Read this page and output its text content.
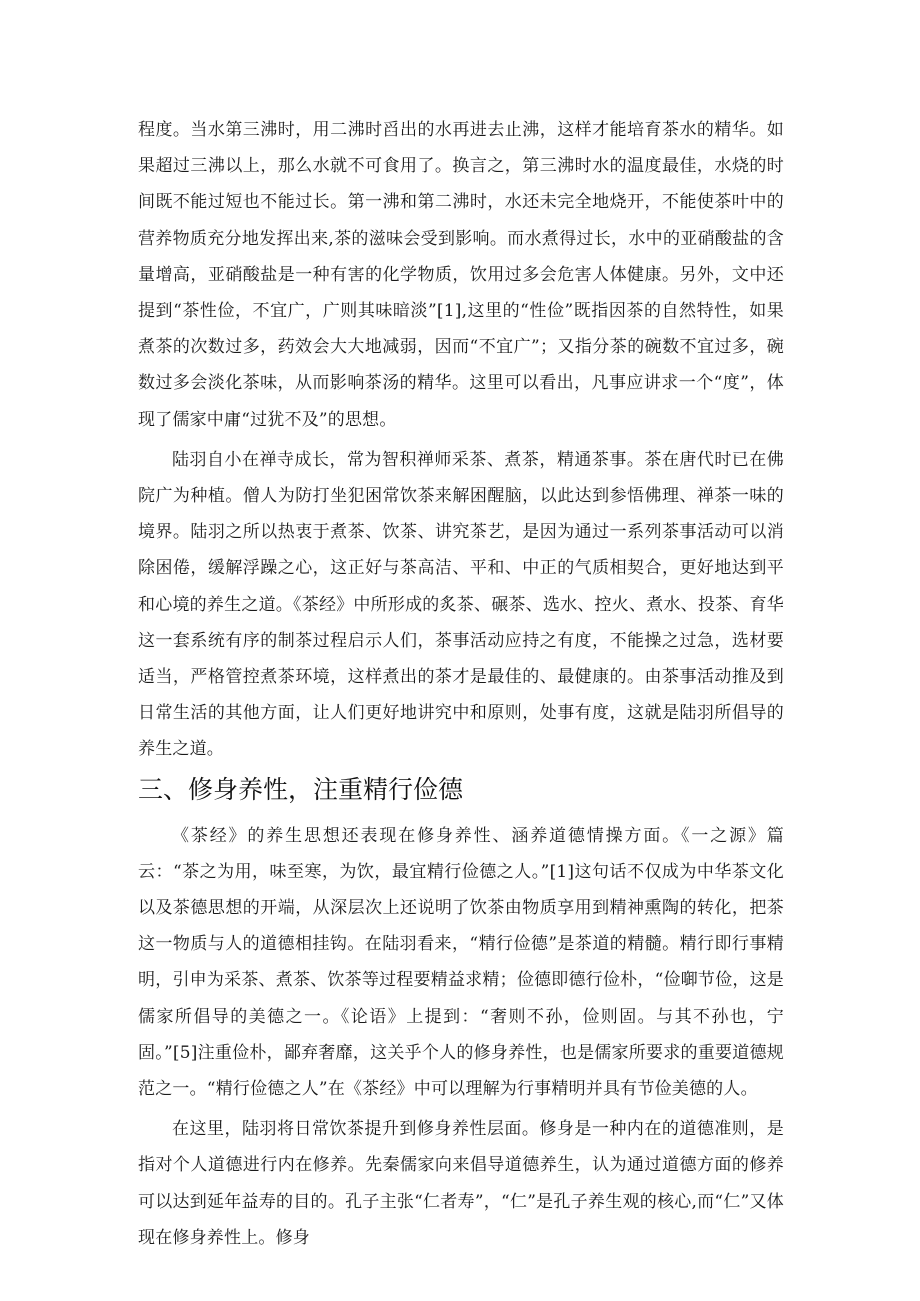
程度。当水第三沸时，用二沸时舀出的水再进去止沸，这样才能培育茶水的精华。如果超过三沸以上，那么水就不可食用了。换言之，第三沸时水的温度最佳，水烧的时间既不能过短也不能过长。第一沸和第二沸时，水还未完全地烧开，不能使茶叶中的营养物质充分地发挥出来,茶的滋味会受到影响。而水煮得过长，水中的亚硝酸盐的含量增高，亚硝酸盐是一种有害的化学物质，饮用过多会危害人体健康。另外，文中还提到“茶性俭，不宜广，广则其味暗淡”[1],这里的“性俭”既指因茶的自然特性，如果煮茶的次数过多，药效会大大地减弱，因而“不宜广”；又指分茶的碗数不宜过多，碗数过多会淡化茶味，从而影响茶汤的精华。这里可以看出，凡事应讲求一个“度”，体现了儒家中庸“过犹不及”的思想。

陆羽自小在禅寺成长，常为智积禅师采茶、煮茶，精通茶事。茶在唐代时已在佛院广为种植。僧人为防打坐犯困常饮茶来解困醒脑，以此达到参悟佛理、禅茶一味的境界。陆羽之所以热衷于煮茶、饮茶、讲究茶艺，是因为通过一系列茶事活动可以消除困倦，缓解浮躁之心，这正好与茶高洁、平和、中正的气质相契合，更好地达到平和心境的养生之道。《茶经》中所形成的炙茶、碾茶、选水、控火、煮水、投茶、育华这一套系统有序的制茶过程启示人们，茶事活动应持之有度，不能操之过急，选材要适当，严格管控煮茶环境，这样煮出的茶才是最佳的、最健康的。由茶事活动推及到日常生活的其他方面，让人们更好地讲究中和原则，处事有度，这就是陆羽所倡导的养生之道。

三、修身养性，注重精行俭德

《茶经》的养生思想还表现在修身养性、涵养道德情操方面。《一之源》篇云：“茶之为用，味至寒，为饮，最宜精行俭德之人。”[1]这句话不仅成为中华茶文化以及茶德思想的开端，从深层次上还说明了饮茶由物质享用到精神熏陶的转化，把茶这一物质与人的道德相挂钩。在陆羽看来，“精行俭德”是茶道的精髓。精行即行事精明，引申为采茶、煮茶、饮茶等过程要精益求精；俭德即德行俭朴，“俭啣节俭，这是儒家所倡导的美德之一。《论语》上提到：“奢则不孙，俭则固。与其不孙也，宁固。”[5]注重俭朴，鄙弃奢靡，这关乎个人的修身养性，也是儒家所要求的重要道德规范之一。“精行俭德之人”在《茶经》中可以理解为行事精明并具有节俭美德的人。

在这里，陆羽将日常饮茶提升到修身养性层面。修身是一种内在的道德准则，是指对个人道德进行内在修养。先秦儒家向来倡导道德养生，认为通过道德方面的修养可以达到延年益寿的目的。孔子主张“仁者寿”，“仁”是孔子养生观的核心,而“仁”又体现在修身养性上。修身
